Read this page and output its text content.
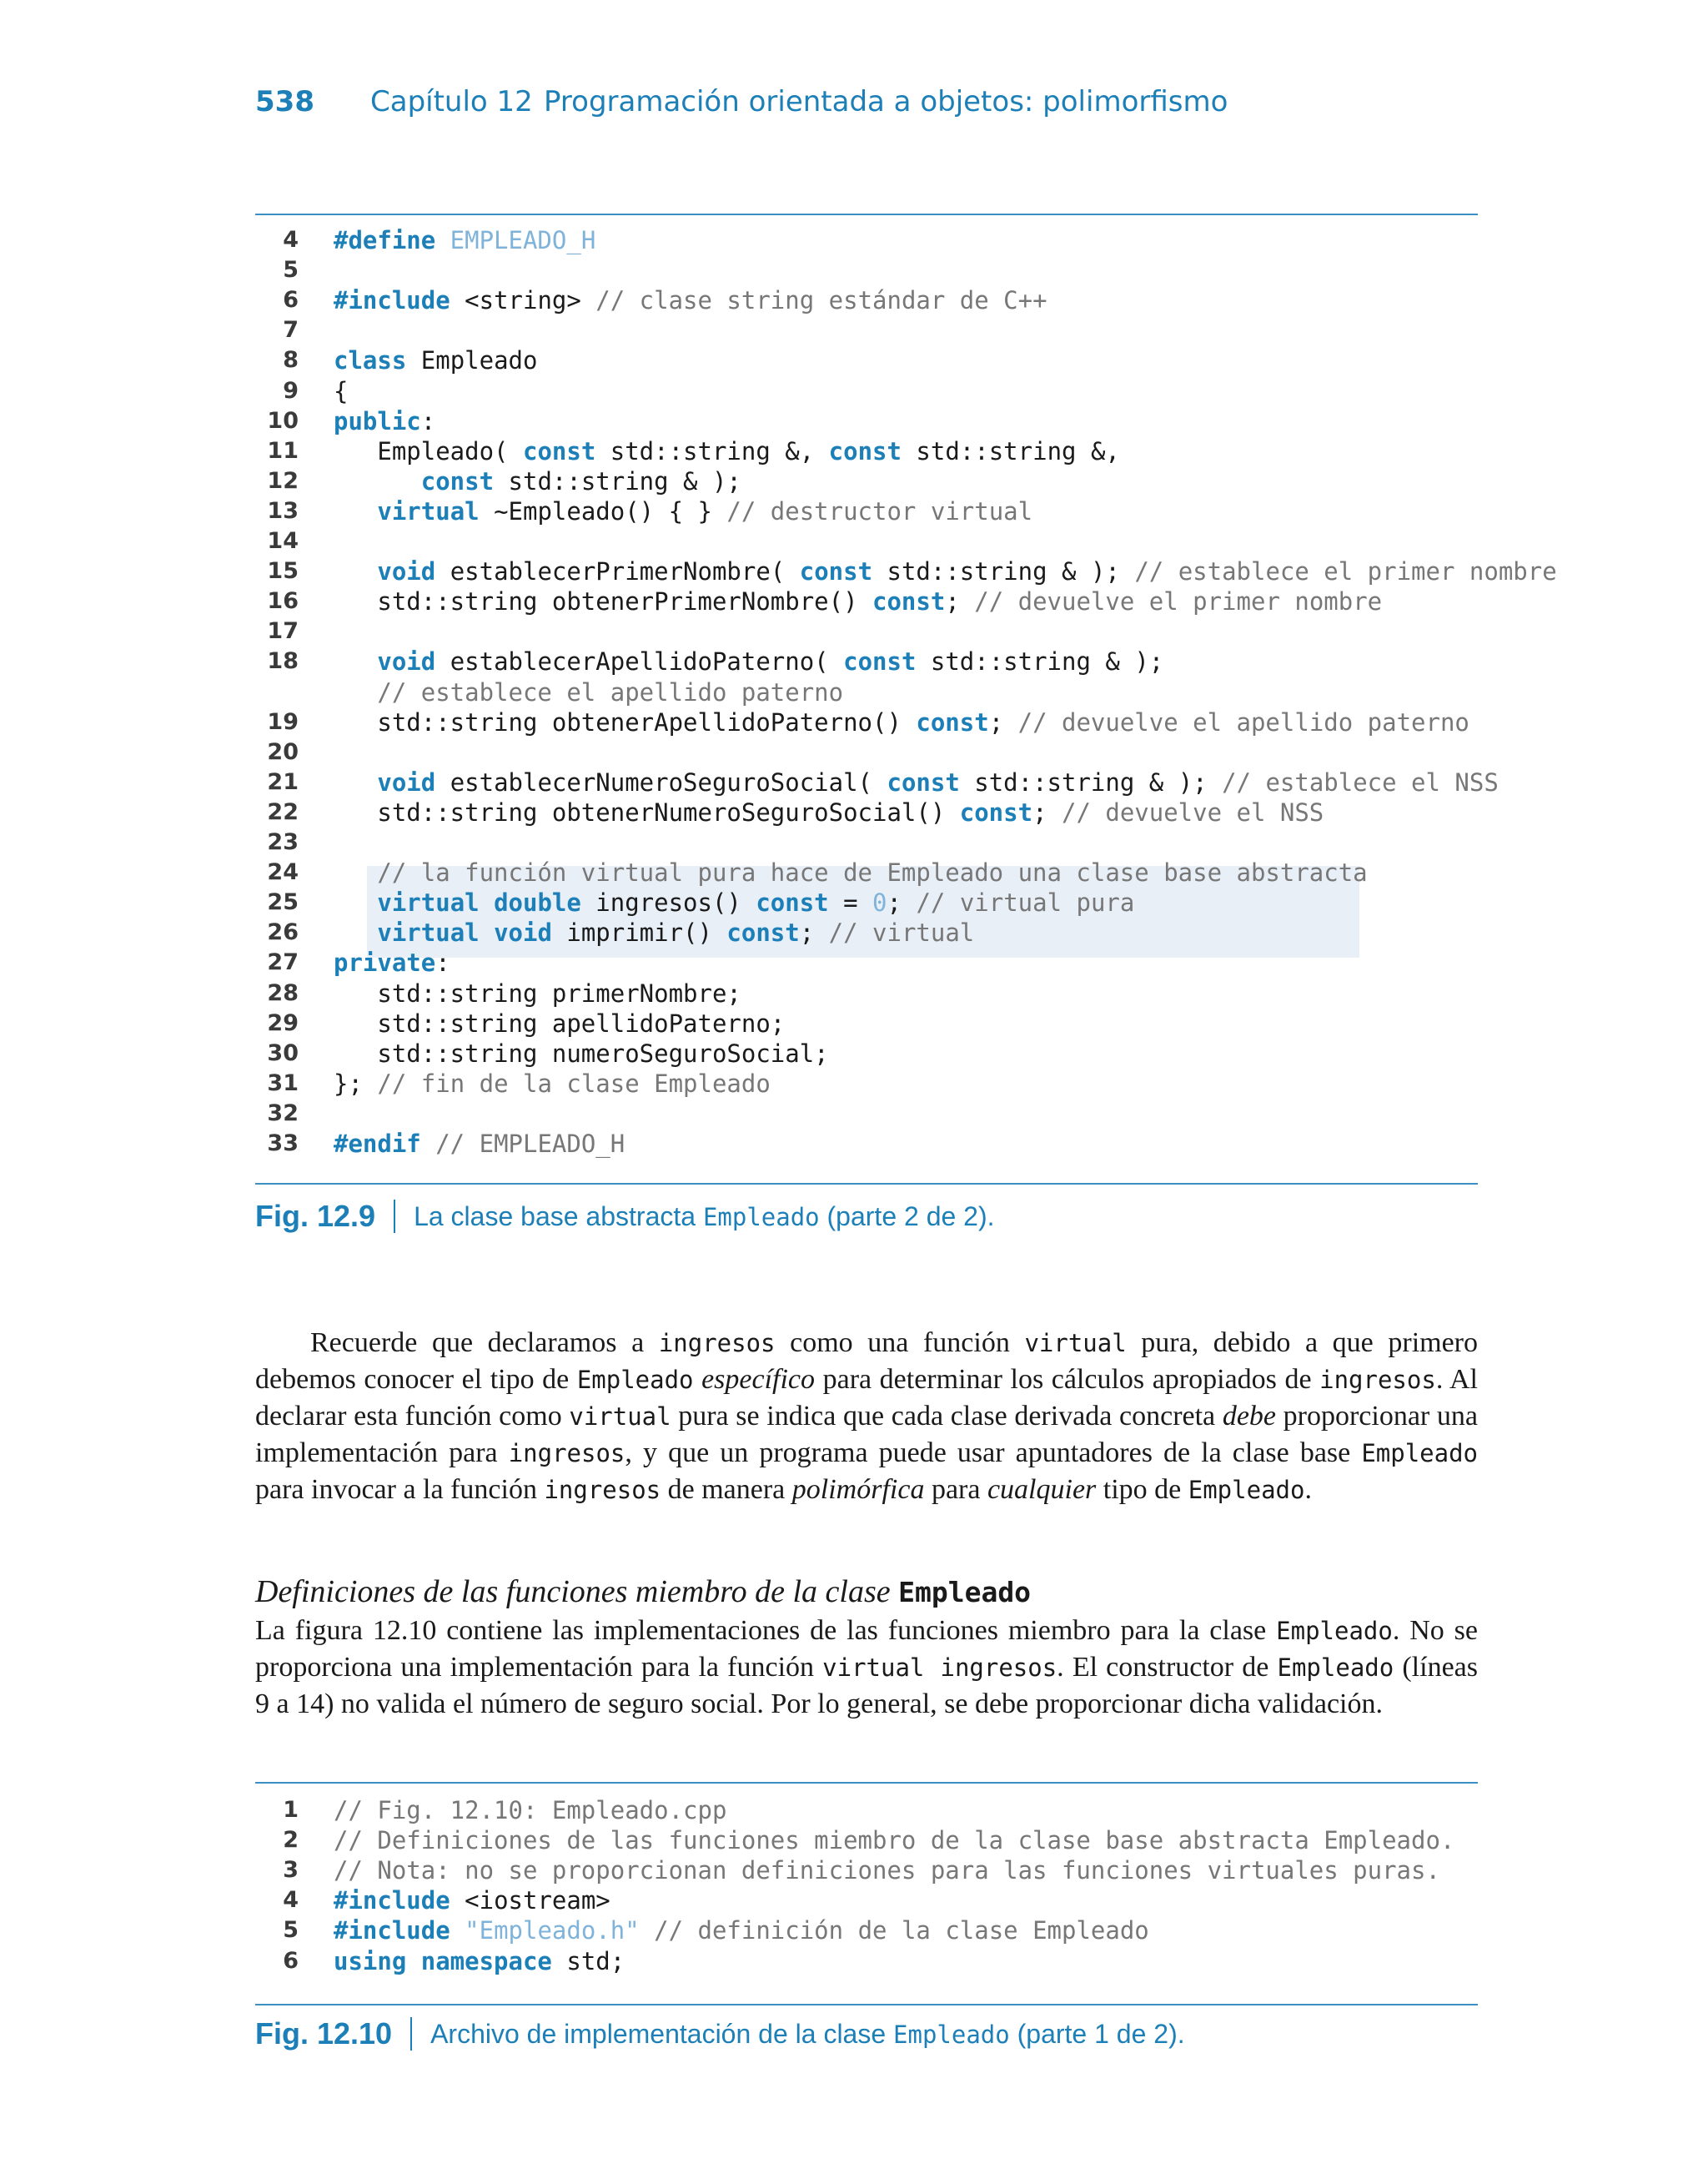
538	Capítulo 12 Programación orientada a objetos: polimorfismo
4 #define EMPLEADO_H
5
6 #include <string> // clase string estándar de C++
7
8 class Empleado
9 {
10 public:
11 Empleado( const std::string &, const std::string &,
12	const std::string & );
13	virtual ~Empleado() { } // destructor virtual
14
15	void establecerPrimerNombre( const std::string & ); // establece el primer nombre
16 std::string obtenerPrimerNombre() const; // devuelve el primer nombre
17
18	void establecerApellidoPaterno( const std::string & );
// establece el apellido paterno
19 std::string obtenerApellidoPaterno() const; // devuelve el apellido paterno
20
21	void establecerNumeroSeguroSocial( const std::string & ); // establece el NSS
22 std::string obtenerNumeroSeguroSocial() const; // devuelve el NSS
23
24 // la función virtual pura hace de Empleado una clase base abstracta
25	virtual double ingresos() const = 0; // virtual pura
26	virtual void imprimir() const; // virtual
27 private:
28 std::string primerNombre;
29 std::string apellidoPaterno;
30 std::string numeroSeguroSocial;
31 }; // fin de la clase Empleado
32
33 #endif // EMPLEADO_H
Fig. 12.9 La clase base abstracta Empleado (parte 2 de 2).

Recuerde que declaramos a ingresos como una función virtual pura, debido a que primero debemos conocer el tipo de Empleado específico para determinar los cálculos apropiados de ingresos. Al declarar esta función como virtual pura se indica que cada clase derivada concreta debe proporcionar una implementación para ingresos, y que un programa puede usar apuntadores de la clase base Empleado para invocar a la función ingresos de manera polimórfica para cualquier tipo de Empleado.

Definiciones de las funciones miembro de la clase Empleado

La figura 12.10 contiene las implementaciones de las funciones miembro para la clase Empleado. No se proporciona una implementación para la función virtual ingresos. El constructor de Empleado (líneas 9 a 14) no valida el número de seguro social. Por lo general, se debe proporcionar dicha validación.

1 // Fig. 12.10: Empleado.cpp
2 // Definiciones de las funciones miembro de la clase base abstracta Empleado.
3 // Nota: no se proporcionan definiciones para las funciones virtuales puras.
4 #include <iostream>
5 #include "Empleado.h" // definición de la clase Empleado
6 using namespace std;
Fig. 12.10 Archivo de implementación de la clase Empleado (parte 1 de 2).
